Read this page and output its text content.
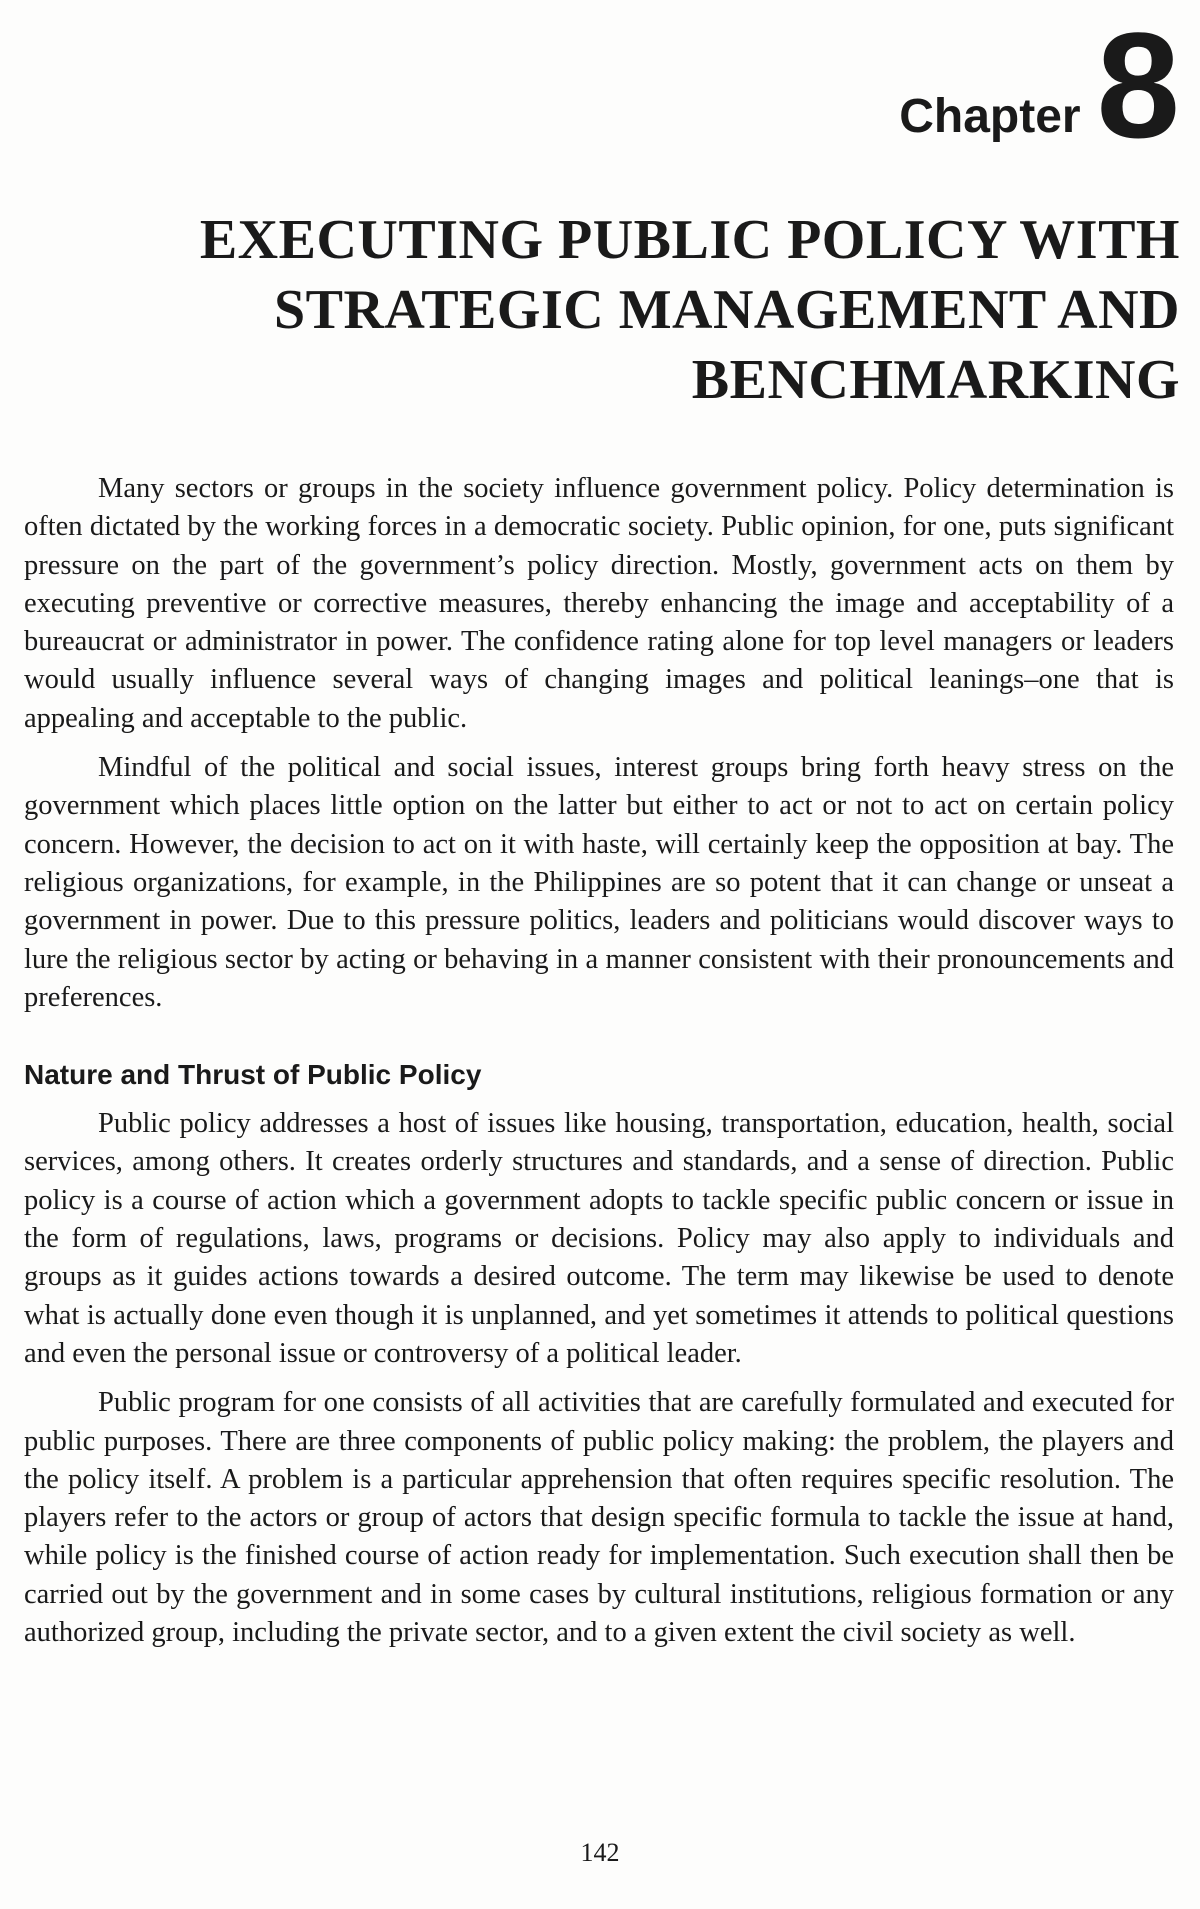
Chapter 8
EXECUTING PUBLIC POLICY WITH
STRATEGIC MANAGEMENT AND
BENCHMARKING

Many sectors or groups in the society influence government policy. Policy determination is often dictated by the working forces in a democratic society. Public opinion, for one, puts significant pressure on the part of the government’s policy direction. Mostly, government acts on them by executing preventive or corrective measures, thereby enhancing the image and acceptability of a bureaucrat or administrator in power. The confidence rating alone for top level managers or leaders would usually influence several ways of changing images and political leanings–one that is appealing and acceptable to the public.

Mindful of the political and social issues, interest groups bring forth heavy stress on the government which places little option on the latter but either to act or not to act on certain policy concern. However, the decision to act on it with haste, will certainly keep the opposition at bay. The religious organizations, for example, in the Philippines are so potent that it can change or unseat a government in power. Due to this pressure politics, leaders and politicians would discover ways to lure the religious sector by acting or behaving in a manner consistent with their pronouncements and preferences.

Nature and Thrust of Public Policy

Public policy addresses a host of issues like housing, transportation, education, health, social services, among others. It creates orderly structures and standards, and a sense of direction. Public policy is a course of action which a government adopts to tackle specific public concern or issue in the form of regulations, laws, programs or decisions. Policy may also apply to individuals and groups as it guides actions towards a desired outcome. The term may likewise be used to denote what is actually done even though it is unplanned, and yet sometimes it attends to political questions and even the personal issue or controversy of a political leader.

Public program for one consists of all activities that are carefully formulated and executed for public purposes. There are three components of public policy making: the problem, the players and the policy itself. A problem is a particular apprehension that often requires specific resolution. The players refer to the actors or group of actors that design specific formula to tackle the issue at hand, while policy is the finished course of action ready for implementation. Such execution shall then be carried out by the government and in some cases by cultural institutions, religious formation or any authorized group, including the private sector, and to a given extent the civil society as well.

142
